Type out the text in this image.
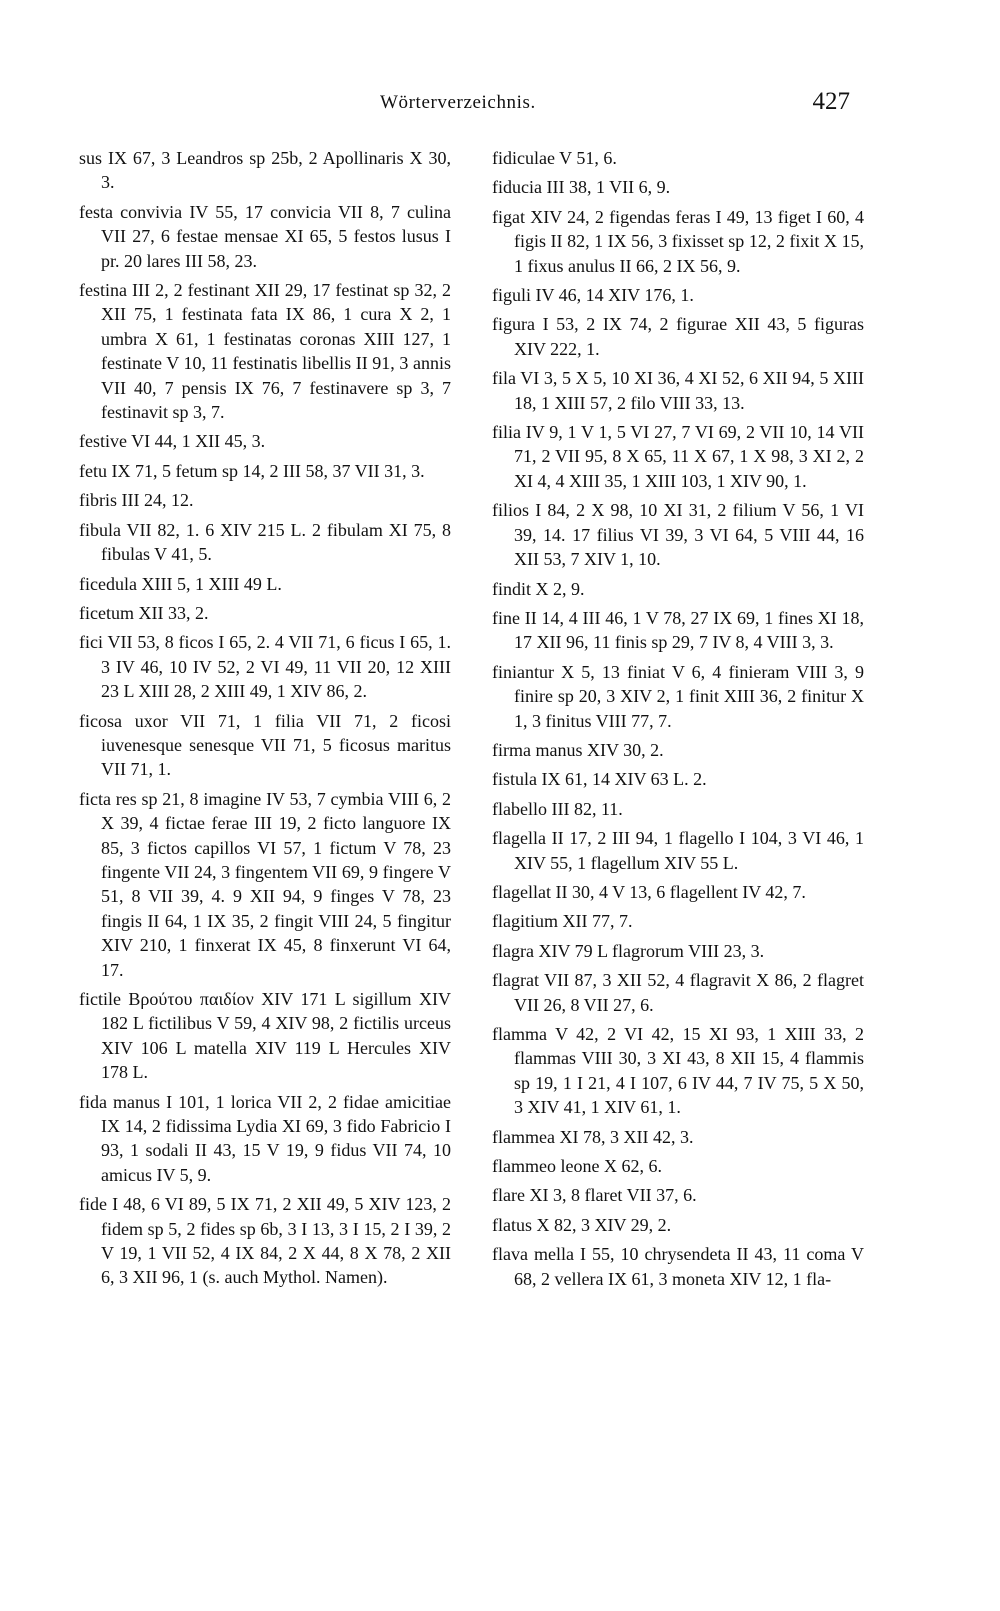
Wörterverzeichnis.	427

sus IX 67, 3 Leandros sp 25b, 2 Apollinaris X 30, 3.

festa convivia IV 55, 17 convicia VII 8, 7 culina VII 27, 6 festae mensae XI 65, 5 festos lusus I pr. 20 lares III 58, 23.

festina III 2, 2 festinant XII 29, 17 festinat sp 32, 2 XII 75, 1 festinata fata IX 86, 1 cura X 2, 1 umbra X 61, 1 festinatas coronas XIII 127, 1 festinate V 10, 11 festinatis libellis II 91, 3 annis VII 40, 7 pensis IX 76, 7 festinavere sp 3, 7 festinavit sp 3, 7.

festive VI 44, 1 XII 45, 3.

fetu IX 71, 5 fetum sp 14, 2 III 58, 37 VII 31, 3.

fibris III 24, 12.

fibula VII 82, 1. 6 XIV 215 L. 2 fibulam XI 75, 8 fibulas V 41, 5.

ficedula XIII 5, 1 XIII 49 L.

ficetum XII 33, 2.

fici VII 53, 8 ficos I 65, 2. 4 VII 71, 6 ficus I 65, 1. 3 IV 46, 10 IV 52, 2 VI 49, 11 VII 20, 12 XIII 23 L XIII 28, 2 XIII 49, 1 XIV 86, 2.

ficosa uxor VII 71, 1 filia VII 71, 2 ficosi iuvenesque senesque VII 71, 5 ficosus maritus VII 71, 1.

ficta res sp 21, 8 imagine IV 53, 7 cymbia VIII 6, 2 X 39, 4 fictae ferae III 19, 2 ficto languore IX 85, 3 fictos capillos VI 57, 1 fictum V 78, 23 fingente VII 24, 3 fingentem VII 69, 9 fingere V 51, 8 VII 39, 4. 9 XII 94, 9 finges V 78, 23 fingis II 64, 1 IX 35, 2 fingit VIII 24, 5 fingitur XIV 210, 1 finxerat IX 45, 8 finxerunt VI 64, 17.

fictile Βρούτου παιδίον XIV 171 L sigillum XIV 182 L fictilibus V 59, 4 XIV 98, 2 fictilis urceus XIV 106 L matella XIV 119 L Hercules XIV 178 L.

fida manus I 101, 1 lorica VII 2, 2 fidae amicitiae IX 14, 2 fidissima Lydia XI 69, 3 fido Fabricio I 93, 1 sodali II 43, 15 V 19, 9 fidus VII 74, 10 amicus IV 5, 9.

fide I 48, 6 VI 89, 5 IX 71, 2 XII 49, 5 XIV 123, 2 fidem sp 5, 2 fides sp 6b, 3 I 13, 3 I 15, 2 I 39, 2 V 19, 1 VII 52, 4 IX 84, 2 X 44, 8 X 78, 2 XII 6, 3 XII 96, 1 (s. auch Mythol. Namen).

fidiculae V 51, 6.

fiducia III 38, 1 VII 6, 9.

figat XIV 24, 2 figendas feras I 49, 13 figet I 60, 4 figis II 82, 1 IX 56, 3 fixisset sp 12, 2 fixit X 15, 1 fixus anulus II 66, 2 IX 56, 9.

figuli IV 46, 14 XIV 176, 1.

figura I 53, 2 IX 74, 2 figurae XII 43, 5 figuras XIV 222, 1.

fila VI 3, 5 X 5, 10 XI 36, 4 XI 52, 6 XII 94, 5 XIII 18, 1 XIII 57, 2 filo VIII 33, 13.

filia IV 9, 1 V 1, 5 VI 27, 7 VI 69, 2 VII 10, 14 VII 71, 2 VII 95, 8 X 65, 11 X 67, 1 X 98, 3 XI 2, 2 XI 4, 4 XIII 35, 1 XIII 103, 1 XIV 90, 1.

filios I 84, 2 X 98, 10 XI 31, 2 filium V 56, 1 VI 39, 14. 17 filius VI 39, 3 VI 64, 5 VIII 44, 16 XII 53, 7 XIV 1, 10.

findit X 2, 9.

fine II 14, 4 III 46, 1 V 78, 27 IX 69, 1 fines XI 18, 17 XII 96, 11 finis sp 29, 7 IV 8, 4 VIII 3, 3.

finiantur X 5, 13 finiat V 6, 4 finieram VIII 3, 9 finire sp 20, 3 XIV 2, 1 finit XIII 36, 2 finitur X 1, 3 finitus VIII 77, 7.

firma manus XIV 30, 2.

fistula IX 61, 14 XIV 63 L. 2.

flabello III 82, 11.

flagella II 17, 2 III 94, 1 flagello I 104, 3 VI 46, 1 XIV 55, 1 flagellum XIV 55 L.

flagellat II 30, 4 V 13, 6 flagellent IV 42, 7.

flagitium XII 77, 7.

flagra XIV 79 L flagrorum VIII 23, 3.

flagrat VII 87, 3 XII 52, 4 flagravit X 86, 2 flagret VII 26, 8 VII 27, 6.

flamma V 42, 2 VI 42, 15 XI 93, 1 XIII 33, 2 flammas VIII 30, 3 XI 43, 8 XII 15, 4 flammis sp 19, 1 I 21, 4 I 107, 6 IV 44, 7 IV 75, 5 X 50, 3 XIV 41, 1 XIV 61, 1.

flammea XI 78, 3 XII 42, 3.

flammeo leone X 62, 6.

flare XI 3, 8 flaret VII 37, 6.

flatus X 82, 3 XIV 29, 2.

flava mella I 55, 10 chrysendeta II 43, 11 coma V 68, 2 vellera IX 61, 3 moneta XIV 12, 1 fla-
